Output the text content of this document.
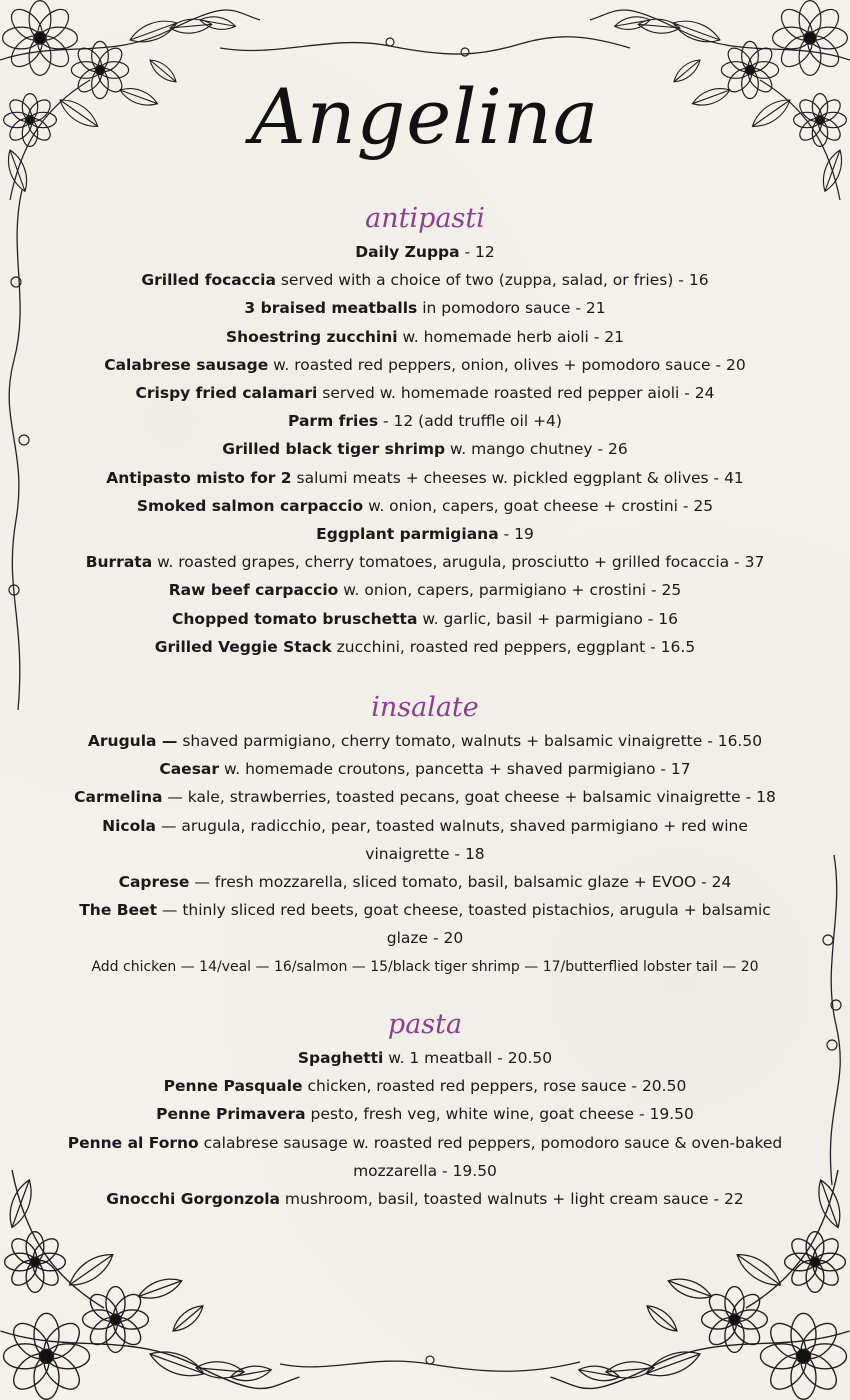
Angelina
antipasti

Daily Zuppa - 12

Grilled focaccia served with a choice of two (zuppa, salad, or fries) - 16

3 braised meatballs in pomodoro sauce - 21

Shoestring zucchini w. homemade herb aioli - 21

Calabrese sausage w. roasted red peppers, onion, olives + pomodoro sauce - 20

Crispy fried calamari served w. homemade roasted red pepper aioli - 24

Parm fries - 12 (add truffle oil +4)

Grilled black tiger shrimp w. mango chutney - 26

Antipasto misto for 2 salumi meats + cheeses w. pickled eggplant & olives - 41

Smoked salmon carpaccio w. onion, capers, goat cheese + crostini - 25

Eggplant parmigiana - 19

Burrata w. roasted grapes, cherry tomatoes, arugula, prosciutto + grilled focaccia - 37

Raw beef carpaccio w. onion, capers, parmigiano + crostini - 25

Chopped tomato bruschetta w. garlic, basil + parmigiano - 16

Grilled Veggie Stack zucchini, roasted red peppers, eggplant - 16.5

insalate

Arugula — shaved parmigiano, cherry tomato, walnuts + balsamic vinaigrette - 16.50

Caesar w. homemade croutons, pancetta + shaved parmigiano - 17

Carmelina — kale, strawberries, toasted pecans, goat cheese + balsamic vinaigrette - 18

Nicola — arugula, radicchio, pear, toasted walnuts, shaved parmigiano + red wine vinaigrette - 18

Caprese — fresh mozzarella, sliced tomato, basil, balsamic glaze + EVOO - 24

The Beet — thinly sliced red beets, goat cheese, toasted pistachios, arugula + balsamic glaze - 20

Add chicken — 14/veal — 16/salmon — 15/black tiger shrimp — 17/butterflied lobster tail — 20

pasta

Spaghetti w. 1 meatball - 20.50

Penne Pasquale chicken, roasted red peppers, rose sauce - 20.50

Penne Primavera pesto, fresh veg, white wine, goat cheese - 19.50

Penne al Forno calabrese sausage w. roasted red peppers, pomodoro sauce & oven-baked mozzarella - 19.50

Gnocchi Gorgonzola mushroom, basil, toasted walnuts + light cream sauce - 22
